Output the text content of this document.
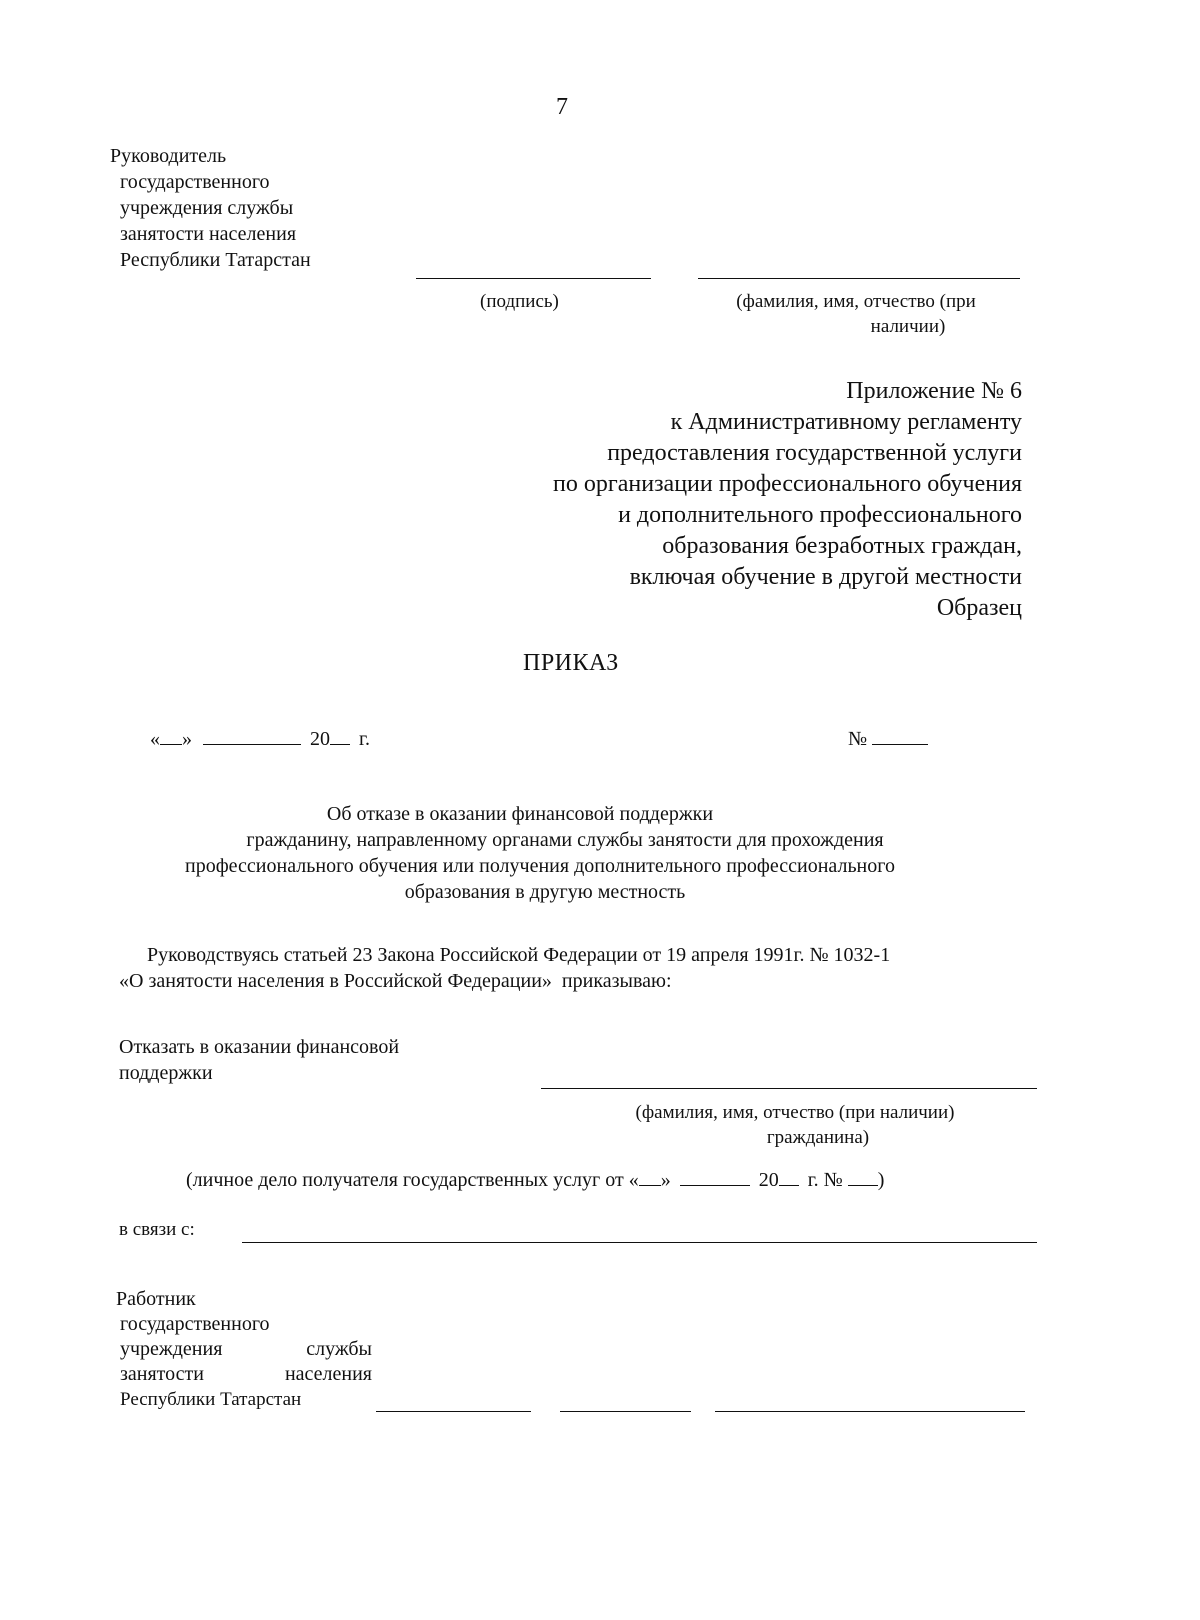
7
Руководитель
государственного
учреждения службы
занятости населения
Республики Татарстан
(подпись)	(фамилия, имя, отчество (при
наличии)
Приложение № 6
к Административному регламенту
предоставления государственной услуги
по организации профессионального обучения
и дополнительного профессионального
образования безработных граждан,
включая обучение в другой местности
Образец
ПРИКАЗ
« »	20 г.	№
Об отказе в оказании финансовой поддержки
гражданину, направленному органами службы занятости для прохождения
профессионального обучения или получения дополнительного профессионального
образования в другую местность
Руководствуясь статьей 23 Закона Российской Федерации от 19 апреля 1991г. № 1032-1
«О занятости населения в Российской Федерации»  приказываю:
Отказать в оказании финансовой
поддержки
(фамилия, имя, отчество (при наличии)
гражданина)
(личное дело получателя государственных услуг от « »	20 г. № )
в связи с:
Работник
государственного
учреждения	службы
занятости	населения
Республики Татарстан
